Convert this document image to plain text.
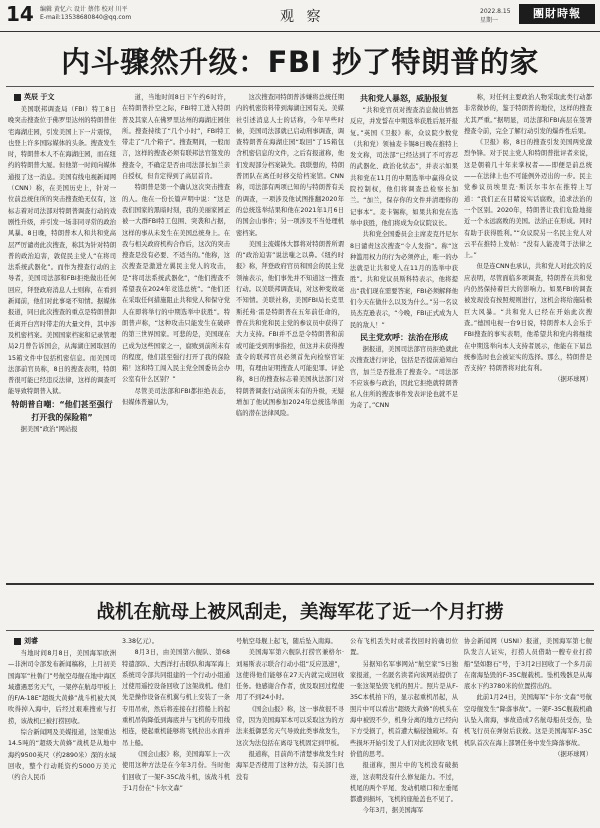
14 编辑 黄忆六 设计 蔡伟 校对 川平
E-mail:13538680840@qq.com	观 察	2022.8.15
星期一
團財時報
内斗骤然升级：FBI 抄了特朗普的家
英辰 于文

美国联邦调查局（FBI）特工8日晚突击搜查位于佛罗里达州的特朗普住宅海湖庄园，引发美国上下一片震惊，也登上许多国际媒体的头条。搜查发生时，特朗普本人不在海湖庄园，而在纽约的特朗普大厦。但他第一时间向媒体通报了这一消息。美国有线电视新闻网（CNN）称，在美国历史上，针对一位前总统住所的突击搜查绝无仅有，这标志着对司法部对特朗普调查行动的戏剧性升级，并引发一场非同寻常的政治风暴。8日晚，特朗普本人和共和党高层严厉谴责此次搜查，称其为针对特朗普的政治迫害，敦促民主党人“在将司法系统武器化”。而作为搜查行动的主导者，美国司法部和FBI拒绝做出任何回应，拜登政府消息人士则称，在看到新闻前，他们对此事毫不知情。据媒体报道，同日此次搜查的重点是特朗普卸任离开白宫时带走的大量文件，其中涉及机密档案。美国国家档案和记录管理局2月曾告诉国会，从海湖庄园取回的15箱文件中包括机密信息。而美国司法部前官员称，8日的搜查表明，特朗普很可能已经违反法律，这样的调查可能导致特朗普入狱。

特朗普自嘲：“他们甚至强行打开我的保险箱”

据美国“政治”网站报

道，当地时间8日下午约6时许，在特朗普扑空之际，FBI特工进入特朗普及其家人在佛罗里达州的海湖庄园住所。搜查持续了“几个小时”，FBI特工带走了“几个箱子”。搜查期间，一般而言，这样的搜查必须有联邦法官签发的搜查令，不确定是否由司法部长加兰亲自授权，但肯定得到了高层首肯。

特朗普是第一个确认这次突击搜查的人。他在一份长篇声明中说：“这是我们国家的黑暗时刻，我的美丽家园正被一大群FBI特工包围、突袭和占据，这样的事从未发生在美国总统身上。在我与相关政府机构合作后，这次的突击搜查是没有必要、不适当的。”他称，这次搜查是激进左翼民主党人的攻击，是“将司法系统武器化”，“他们搜查不希望我在2024年竞选总统”。“他们还在采取任何措施阻止共和党人和保守党人在即将举行的中期选举中获胜”。特朗普声称，“这种攻击只能发生在破碎的第三世界国家。可悲的是，美国现在已成为这些国家之一，腐败到前所未有的程度，他们甚至强行打开了我的保险箱！这和特工闯入民主党全国委员会办公室有什么区别？”

尽管美司法部和FBI都拒绝表态，但媒体普遍认为，

这次搜查同特朗普涉嫌将总统任期内的机密资料带到海湖庄园有关。美媒社引述消息人士的话称，今年早些时候，美国司法部就已启动刑事调查，调查特朗普在海湖庄园“取回”了15箱包含机密信息的文件，之后有报道称，他们发现部分档案缺失。我联想的，特朗普团队在离任时移交给档案馆。CNN称，司法部有两项已知的与特朗普有关的调查，一项涉及他试图推翻2020年的总统选举结果和他在2021年1月6日的国会山事件；另一项涉及不当处理机密档案。

美国主流媒体大都将对特朗普所谓的“政治迫害”说法嗤之以鼻。《纽约时报》称，拜登政府官员和国会的民主党领袖表示，他们事先并不知道这一搜查行动。以美联邦调查局，对这种变故毫不知情。美联社称，美国FBI局长克里斯托弗·雷是特朗普在五年前任命的，曾在共和党和民主党的参议员中获得了大力支持。FBI并不总是令特朗普和前或可能受到刑事指控，但这并未获得搜查令的联邦官员必须首先向检察官证明，有理由证明搜查人可能犯罪。评论称，8日的搜查标志着美国执法部门对特朗普调查行动前所未有的升级，无疑增加了他试图参加2024年总统选举面临的潜在法律风险。

共和党人暴怒，威胁报复

“共和党官员对搜查消息做出愤怒反应，并发誓在中期选举获胜后展开报复。”英国《卫报》称，众议院少数党（共和党）领袖麦卡锡8日晚在推特上发文称，司法部“已经达到了不可容忍的武器化、政治化状态”，并表示如果共和党在11月的中期选举中赢得众议院控制权，他们将调查总检察长加兰。“加兰，保存你的文件并清理你的记事本”。麦卡锡称，如果共和党在选举中获胜，他们将成为众议院议长。

共和党全国委员会主席麦克丹尼尔8日谴责这次搜查“令人发指”。称“这种滥用权力的行为必须停止，唯一的办法就是让共和党人在11月的选举中获胜”。共和党议员斯科特表示，他将提出“我们现在需要答案，FBI必须解释他们今天在做什么以及为什么。”另一名议员杰克逊表示，“今晚，FBI正式成为人民的敌人！”

民主党欢呼：法治在形成

据报道，美国司法部官员拒绝就此次搜查进行评论，包括是否提前通知白宫，加兰是否批准了搜查令。“司法部不应该参与政治，因此它拒绝就特朗普私人住所的搜查事件发表评论也就不足为奇了。”CNN

称，对任何主要政治人物采取此类行动都非常微妙的，鉴于特朗普的地位，这样的搜查尤其严重。”据明显，司法部和FBI高层在签署搜查令前，完全了解行动引发的爆炸性后果。

《卫报》称，8日的搜查引发美国两党激烈争锋。对于民主党人和特朗普批评者来说，这是朝着几十年来掌权者——即便是前总统——在法律上也不可能例外迈出的一步。民主党参议员埃里克·斯沃尔韦尔在推特上写道：“我们正在目睹说实话腐败，追求法治的一个区别。2020年，特朗普让我们危险地接近一个永远腐败的美国。法治正在形成。同时有助于获得胜利。”“众议院另一名民主党人对云平在推特上发帖：“没有人能凌驾于法律之上。”

但是连CNN也承认，共和党人对此次的反应表明，尽管面临多项调查，特朗普在共和党内仍然保持着巨大的影响力。如果FBI的调查被发现没有按照规则进行，这机会将给施陆极巨大风暴。“共和党人已经在开始此次搜查。”德国电视一台9日说，特朗普本人会乐于FBI搜查的事实表明，他希望共和党内将继续在中期选举向本人支持者展示，他能在下届总统参选时也会被证实的选择。那么，特朗普是否支持？特朗普将对此有利。

（据环球网）
战机在航母上被风刮走，美海军花了近一个月打捞
刘睿

当地时间8月8日，美国海军欧洲—非洲司令部发布新闻稿称，上月初美国海军“杜鲁门”号航空母舰在地中海区域遭遇恶劣天气，一架停在航母甲板上的F/A-18E“超级大黄蜂”战斗机被大风吹得掉入海中，后经过艰难搜索与打捞，该战机已被打捞回收。

综合新闻网及美媒报道，这架重达14.5吨的“超级大黄蜂”战机是从地中海约9500英尺（约2890米）深的水域回收，整个行动耗资约5000万美元（约合人民币

3.38亿元）。

8月3日，由美国第六舰队、第68特遣部队、大西洋打击联队和海军海上系统司令部共同组建的一个行动小组通过使用遥控设备回收了这架战机。他们先是操作设备在机翼与机上安装了一条专用吊索，然后将连接在打捞船上的起重机吊钩降低到海底并与飞机的专用线相连，使起重机能够将飞机拉出水面并吊上船。

《国会山报》称，美国海军上一次使用这种方法是在今年3月份。当时他们回收了一架F-35C战斗机，该战斗机于1月份在“卡尔文森”

号航空母舰上起飞，随后坠入南海。

美国海军第六舰队打捞官兼格尔·刘易斯表示联合行动小组“反应迅速”，这使得他们能够在27天内就完成回收任务。他感谢合作者，放及取回过程使用了不到24小时。

《国会山报》称，这一事故很不寻常，因为美国海军本可以采取这为的方法来抵御恶劣天气导致此类事故发生，这次为法包括在离母飞机固定到甲板。

报道称，目前尚不清楚事故发生时海军是否使用了这种方法，有关部门也没有

公布飞机丢失时或者找回时的确切位置。

另据知名军事网站“航空家”5日独家报道，一名匿名读者向该网站提供了一张这架坠毁飞机的照片。照片是从F-35C本机拍下的，显示起重机吊起，从照片中可以看出“超级大黄蜂”的机头在海中被毁不少，机身分离的地方已经向下方受损了，机首遭大幅侵蚀破坏。有些损坏开始引发了人们对此次回收飞机价值的思考。

报道称，照片中的飞机没有破损迹，这表明没有什么修复能力。不过，机尾的两个平尾、发动机喷口和左垂尾都遭到损坏，飞机的座舱盖也不见了。

今年3月，据美国海军

协会新闻网（USNI）报道，美国海军第七舰队发言人证实，打捞人员借助一艘专业打捞船“坚如磐石”号，于3月2日回收了一个多月前在南海坠毁的F-35C舰载机。坠机残骸是从海底水下约3780米的位置捞出的。

此前1月24日，美国海军“卡尔·文森”号航空母舰发生“降落事故”。一架F-35C舰载机确认坠入南海，事故造成7名航母船员受伤，坠机飞行员在弹射后获救。这是美国海军F-35C机队首次在海上部署任务中发生降落事故。

（据环球网）
